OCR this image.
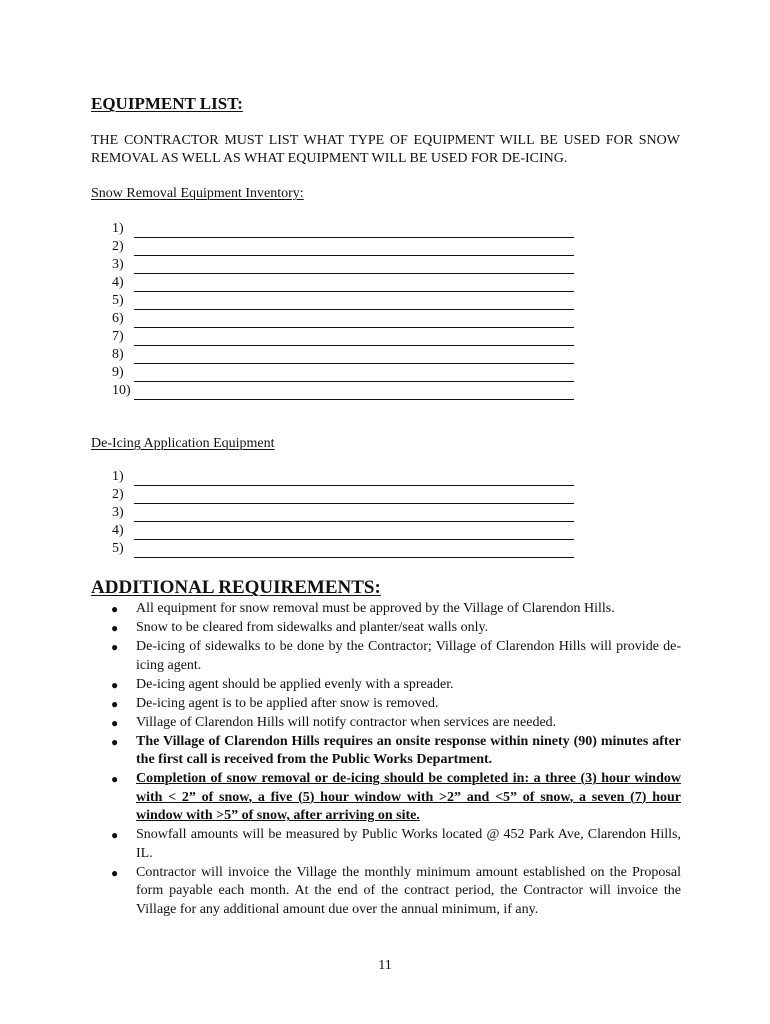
EQUIPMENT LIST:

THE CONTRACTOR MUST LIST WHAT TYPE OF EQUIPMENT WILL BE USED FOR SNOW REMOVAL AS WELL AS WHAT EQUIPMENT WILL BE USED FOR DE-ICING.

Snow Removal Equipment Inventory:

1)
2)
3)
4)
5)
6)
7)
8)
9)
10)

De-Icing Application Equipment

1)
2)
3)
4)
5)
ADDITIONAL REQUIREMENTS:
●	All equipment for snow removal must be approved by the Village of Clarendon Hills.
●	Snow to be cleared from sidewalks and planter/seat walls only.
●	De-icing of sidewalks to be done by the Contractor; Village of Clarendon Hills will provide de-icing agent.
●	De-icing agent should be applied evenly with a spreader.
●	De-icing agent is to be applied after snow is removed.
●	Village of Clarendon Hills will notify contractor when services are needed.
●	The Village of Clarendon Hills requires an onsite response within ninety (90) minutes after the first call is received from the Public Works Department.
●	Completion of snow removal or de-icing should be completed in: a three (3) hour window with < 2” of snow, a five (5) hour window with >2” and <5” of snow, a seven (7) hour window with >5” of snow, after arriving on site.
●	Snowfall amounts will be measured by Public Works located @ 452 Park Ave, Clarendon Hills, IL.
●	Contractor will invoice the Village the monthly minimum amount established on the Proposal form payable each month. At the end of the contract period, the Contractor will invoice the Village for any additional amount due over the annual minimum, if any.

11
